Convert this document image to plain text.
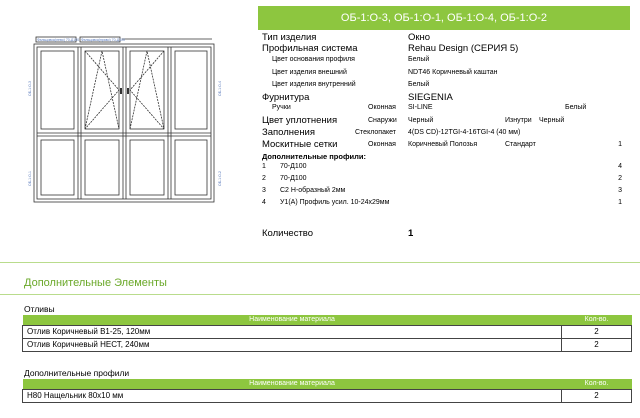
Фальцовка(лево) 70-Д100 Фальцовка(право) 70-Д100
ОБ-1:О-3
ОБ-1:О-1
ОБ-1:О-4
ОБ-1:О-2
ОБ-1:О-3, ОБ-1:О-1, ОБ-1:О-4, ОБ-1:О-2
Тип изделия	Окно
Профильная система	Rehau Design (СЕРИЯ 5)
Цвет основания профиля	Белый
Цвет изделия внешний	NDT46 Коричневый каштан
Цвет изделия внутренний	Белый
Фурнитура	SIEGENIA
Ручки	Оконная SI-LINE	Белый
Цвет уплотнения	Снаружи Черный	Изнутри Черный
Заполнения	Стеклопакет 4(DS CD)-12TGI-4-16TGI-4 (40 мм)
Москитные сетки	Оконная Коричневый Полозья	Стандарт	1
Дополнительные профили:
1 70-Д100	4
2 70-Д100	2
3 С2 Н-образный 2мм	3
4 У1(А) Профиль усил. 10-24x29мм	1
Количество	1
Дополнительные Элементы
Отливы
Наименование материала	Кол-во.
Отлив Коричневый В1-25, 120мм	2
Отлив Коричневый НЕСТ, 240мм	2
Дополнительные профили
Наименование материала	Кол-во.
Н80 Нащельник 80x10 мм	2
